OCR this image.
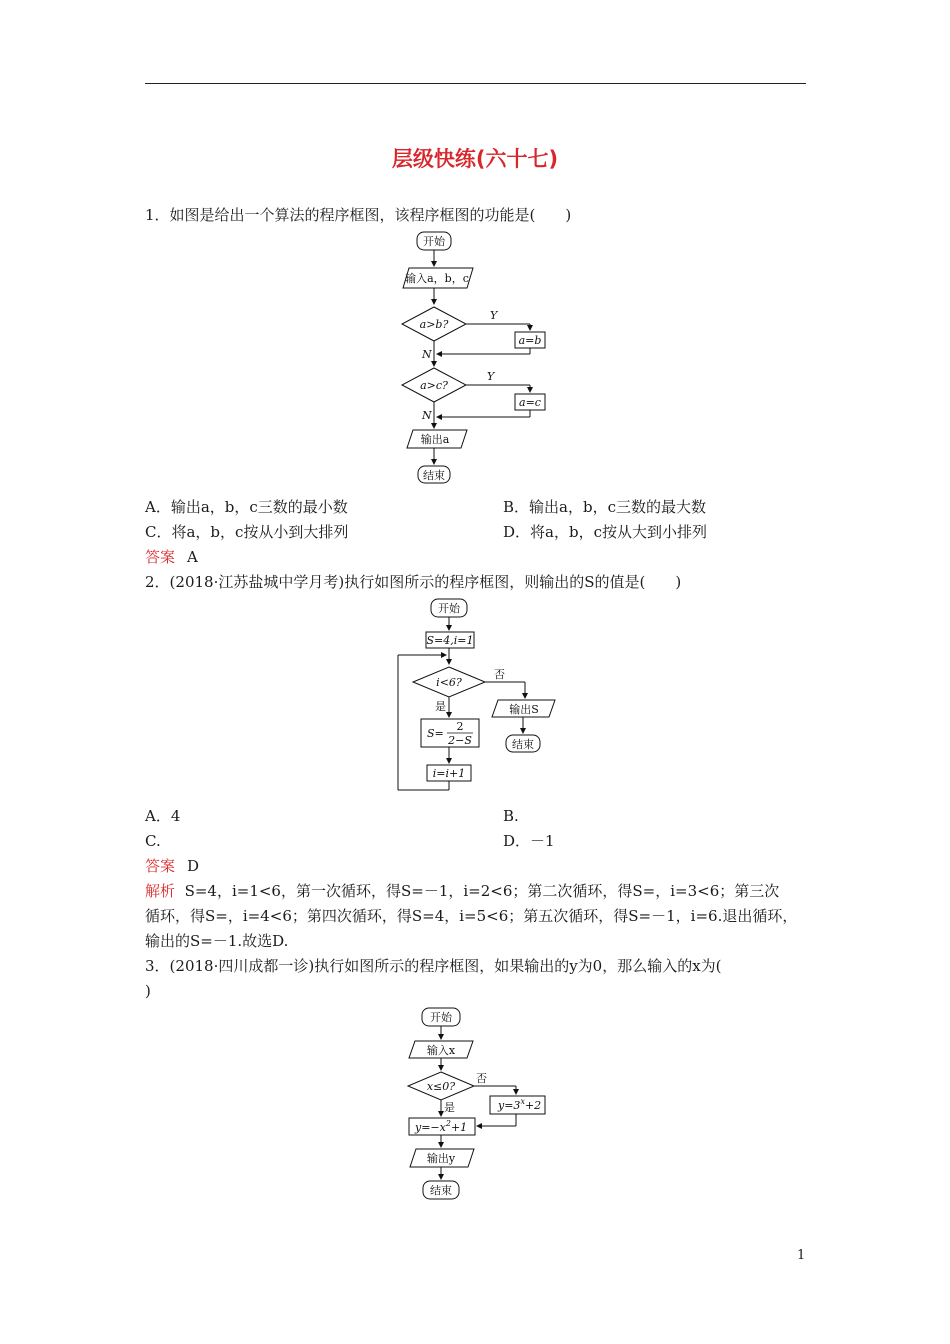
层级快练(六十七)
1．如图是给出一个算法的程序框图，该程序框图的功能是(　　)
开始
输入a，b，c
a>b?
Y
a=b
N
a>c?
Y
a=c
N
输出a
结束
A．输出a，b，c三数的最小数	B．输出a，b，c三数的最大数
C．将a，b，c按从小到大排列	D．将a，b，c按从大到小排列
答案 A
2．(2018·江苏盐城中学月考)执行如图所示的程序框图，则输出的S的值是(　　)
开始
S=4,i=1
i<6?
否
是	输出S
结束
S=
2
2−S
i=i+1
A．4	B.
C.	D．－1
答案 D
解析 S=4，i=1<6，第一次循环，得S=－1，i=2<6；第二次循环，得S=，i=3<6；第三次
循环，得S=，i=4<6；第四次循环，得S=4，i=5<6；第五次循环，得S=－1，i=6.退出循环，
输出的S=－1.故选D.
3．(2018·四川成都一诊)执行如图所示的程序框图，如果输出的y为0，那么输入的x为(
)
开始
输入x
x≤0?
否
是	$y=3^x+2$
$y=-x^2+1$
输出y
结束
1
